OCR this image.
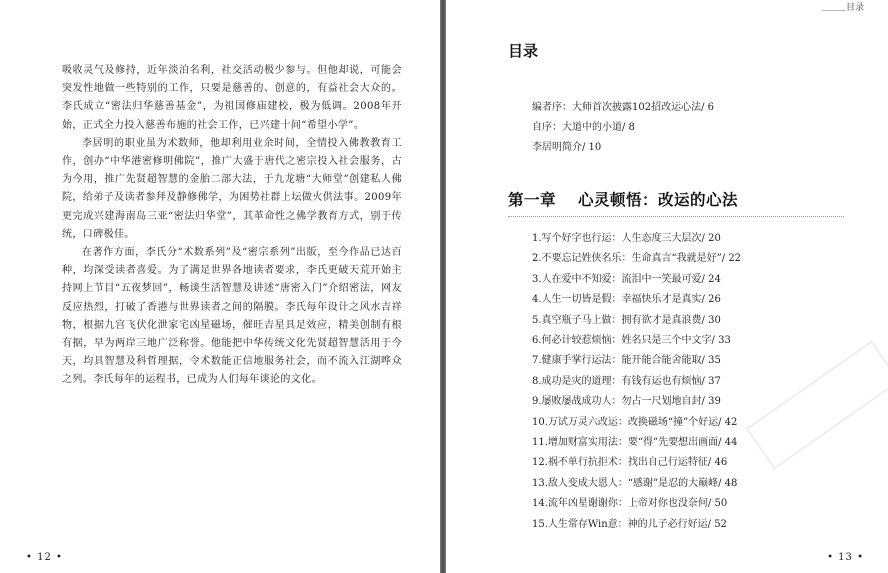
吸收灵气及修持，近年淡泊名利，社交活动极少参与。但他却说，可能会突发性地做一些特别的工作，只要是慈善的、创意的，有益社会大众的。李氏成立“密法归华慈善基金”，为祖国修庙建校，极为低调。2008年开始，正式全力投入慈善布施的社会工作，已兴建十间“希望小学”。

李居明的职业虽为术数师，他却利用业余时间，全情投入佛教教育工作，创办“中华港密修明佛院”，推广大盛于唐代之密宗投入社会服务，古为今用，推广先贤超智慧的金胎二部大法，于九龙塘“大师堂”创建私人佛院，给弟子及读者参拜及静修佛学，为困势社群上坛做火供法事。2009年更完成兴建海南岛三亚“密法归华堂”，其革命性之佛学教育方式，别于传统，口碑极佳。

在著作方面，李氏分“术数系列”及“密宗系列”出版，至今作品已达百种，均深受读者喜爱。为了满足世界各地读者要求，李氏更破天荒开始主持网上节目“五夜梦回”，畅谈生活智慧及讲述“唐密入门”介绍密法，网友反应热烈，打破了香港与世界读者之间的隔膜。李氏每年设计之风水吉祥物，根据九宫飞伏化泄家宅凶星磁场，催旺吉星具足效应，精美创制有根有据，早为两岸三地广泛称誉。他能把中华传统文化先贤超智慧活用于今天，均具智慧及科哲理据，令术数能正信地服务社会，而不流入江湖哗众之列。李氏每年的运程书，已成为人们每年谈论的文化。

• 12 •
目录
目录
编者序：大师首次披露102招改运心法/ 6
自序：大道中的小道/ 8
李居明简介/ 10
第一章 心灵顿悟：改运的心法
1.写个好字也行运：人生态度三大层次/ 20
2.不要忘记姓侠名乐：生命真言“我就是好”/ 22
3.人在爱中不知爱：流泪中一笑最可爱/ 24
4.人生一切皆是假：幸福快乐才是真实/ 26
5.真空瓶子马上做：拥有欲才是真浪费/ 30
6.何必计较惹烦恼：姓名只是三个中文字/ 33
7.健康手掌行运法：能开能合能舍能取/ 35
8.成功是灾的道理：有钱有运也有烦恼/ 37
9.屡败屡战成功人：勿占一尺划地自封/ 39
10.万试万灵六改运：改换磁场“撞”个好运/ 42
11.增加财富实用法：要“得”先要想出画面/ 44
12.祸不单行抗拒术：找出自己行运特征/ 46
13.敌人变成大恩人：“感谢”是忍的大巅峰/ 48
14.流年凶星谢谢你：上帝对你也没奈何/ 50
15.人生常存Win意：神的儿子必行好运/ 52
• 13 •
